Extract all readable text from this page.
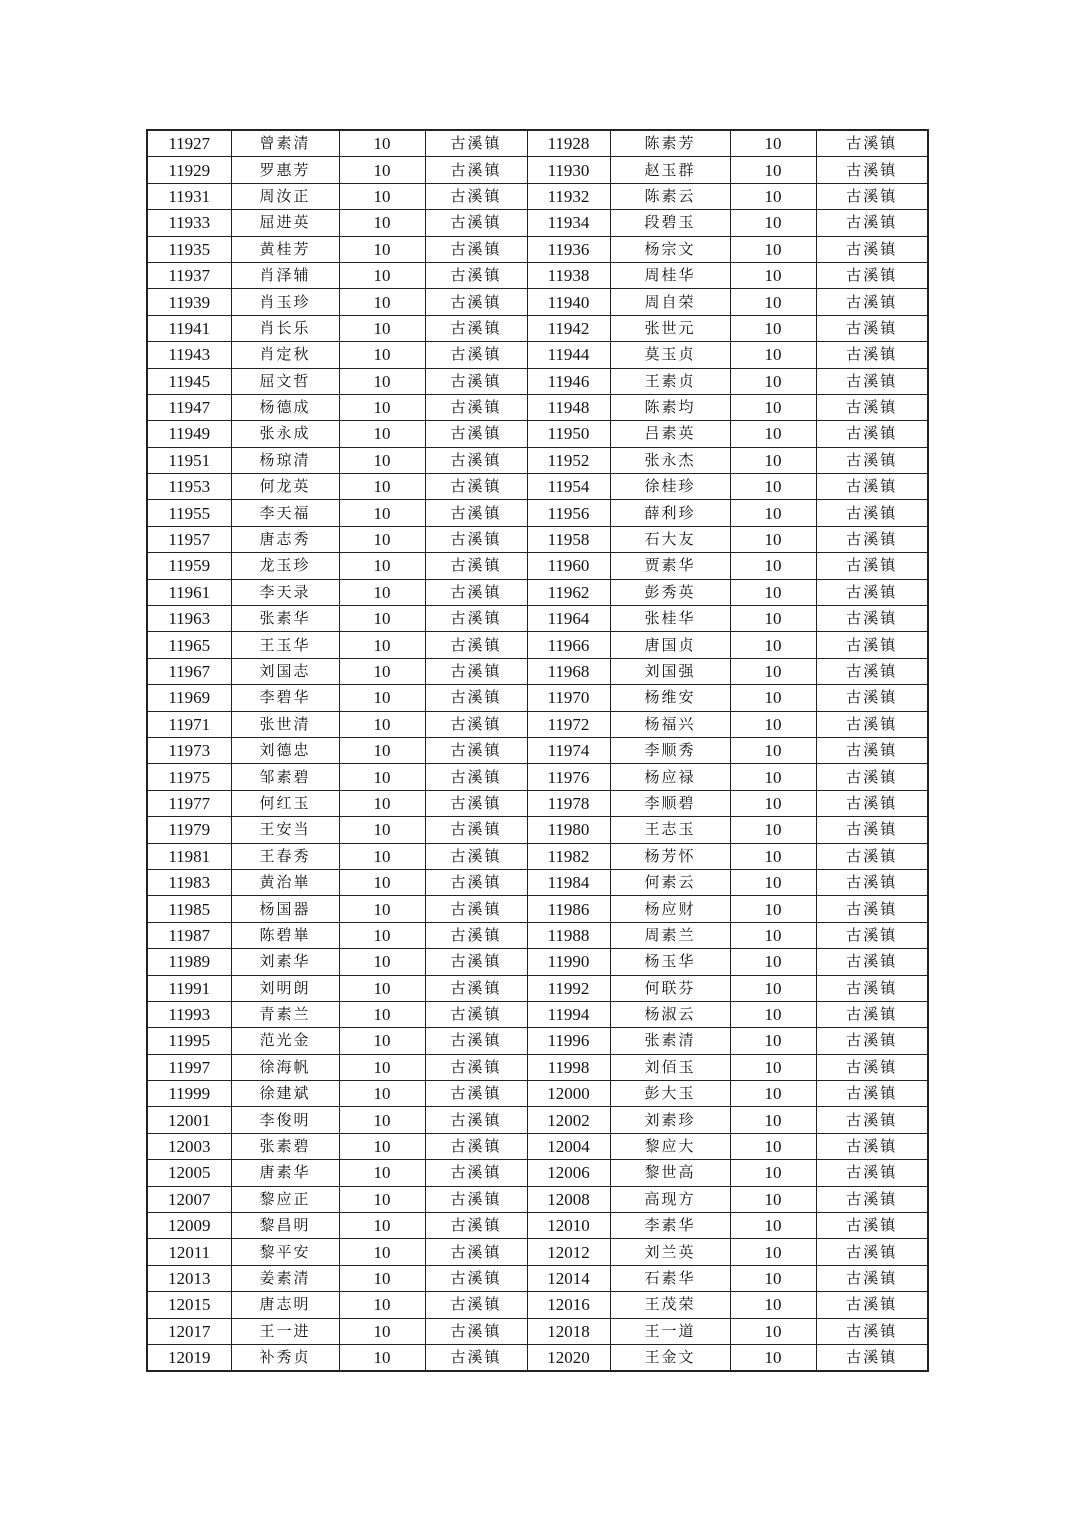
11927	曾素清	10	古溪镇	11928	陈素芳	10	古溪镇
11929	罗惠芳	10	古溪镇	11930	赵玉群	10	古溪镇
11931	周汝正	10	古溪镇	11932	陈素云	10	古溪镇
11933	屈进英	10	古溪镇	11934	段碧玉	10	古溪镇
11935	黄桂芳	10	古溪镇	11936	杨宗文	10	古溪镇
11937	肖泽辅	10	古溪镇	11938	周桂华	10	古溪镇
11939	肖玉珍	10	古溪镇	11940	周自荣	10	古溪镇
11941	肖长乐	10	古溪镇	11942	张世元	10	古溪镇
11943	肖定秋	10	古溪镇	11944	莫玉贞	10	古溪镇
11945	屈文哲	10	古溪镇	11946	王素贞	10	古溪镇
11947	杨德成	10	古溪镇	11948	陈素均	10	古溪镇
11949	张永成	10	古溪镇	11950	吕素英	10	古溪镇
11951	杨琼清	10	古溪镇	11952	张永杰	10	古溪镇
11953	何龙英	10	古溪镇	11954	徐桂珍	10	古溪镇
11955	李天福	10	古溪镇	11956	薛利珍	10	古溪镇
11957	唐志秀	10	古溪镇	11958	石大友	10	古溪镇
11959	龙玉珍	10	古溪镇	11960	贾素华	10	古溪镇
11961	李天录	10	古溪镇	11962	彭秀英	10	古溪镇
11963	张素华	10	古溪镇	11964	张桂华	10	古溪镇
11965	王玉华	10	古溪镇	11966	唐国贞	10	古溪镇
11967	刘国志	10	古溪镇	11968	刘国强	10	古溪镇
11969	李碧华	10	古溪镇	11970	杨维安	10	古溪镇
11971	张世清	10	古溪镇	11972	杨福兴	10	古溪镇
11973	刘德忠	10	古溪镇	11974	李顺秀	10	古溪镇
11975	邹素碧	10	古溪镇	11976	杨应禄	10	古溪镇
11977	何红玉	10	古溪镇	11978	李顺碧	10	古溪镇
11979	王安当	10	古溪镇	11980	王志玉	10	古溪镇
11981	王春秀	10	古溪镇	11982	杨芳怀	10	古溪镇
11983	黄治崋	10	古溪镇	11984	何素云	10	古溪镇
11985	杨国器	10	古溪镇	11986	杨应财	10	古溪镇
11987	陈碧崋	10	古溪镇	11988	周素兰	10	古溪镇
11989	刘素华	10	古溪镇	11990	杨玉华	10	古溪镇
11991	刘明朗	10	古溪镇	11992	何联芬	10	古溪镇
11993	青素兰	10	古溪镇	11994	杨淑云	10	古溪镇
11995	范光金	10	古溪镇	11996	张素清	10	古溪镇
11997	徐海帆	10	古溪镇	11998	刘佰玉	10	古溪镇
11999	徐建斌	10	古溪镇	12000	彭大玉	10	古溪镇
12001	李俊明	10	古溪镇	12002	刘素珍	10	古溪镇
12003	张素碧	10	古溪镇	12004	黎应大	10	古溪镇
12005	唐素华	10	古溪镇	12006	黎世高	10	古溪镇
12007	黎应正	10	古溪镇	12008	高现方	10	古溪镇
12009	黎昌明	10	古溪镇	12010	李素华	10	古溪镇
12011	黎平安	10	古溪镇	12012	刘兰英	10	古溪镇
12013	姜素清	10	古溪镇	12014	石素华	10	古溪镇
12015	唐志明	10	古溪镇	12016	王茂荣	10	古溪镇
12017	王一进	10	古溪镇	12018	王一道	10	古溪镇
12019	补秀贞	10	古溪镇	12020	王金文	10	古溪镇
